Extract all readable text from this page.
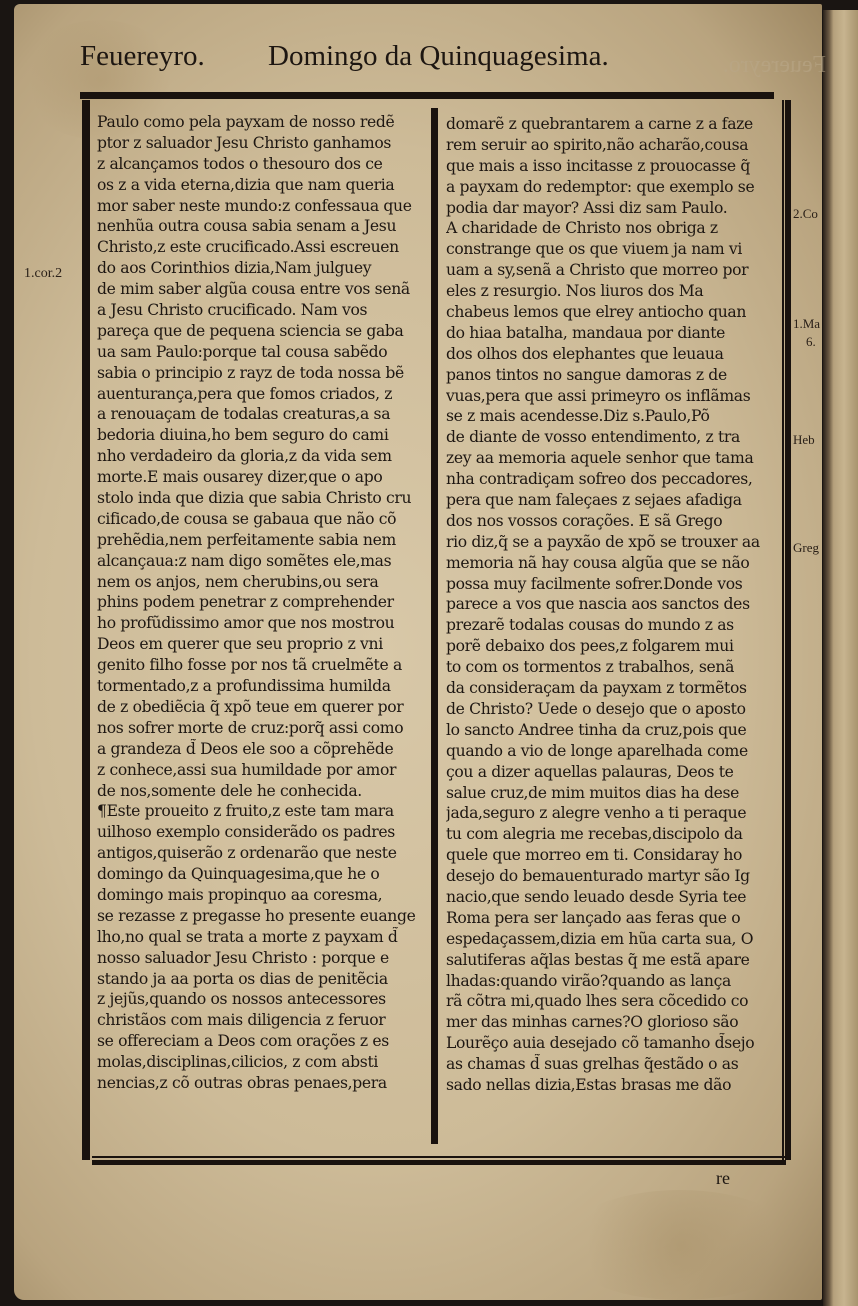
Feuereyro.
Feuereyro. Domingo da Quinquagesima.
Paulo como pela payxam de nosso redẽ
ptor z saluador Jesu Christo ganhamos
z alcançamos todos o thesouro dos ce
os z a vida eterna,dizia que nam queria
mor saber neste mundo:z confessaua que
nenhũa outra cousa sabia senam a Jesu
Christo,z este crucificado.Assi escreuen
do aos Corinthios dizia,Nam julguey
de mim saber algũa cousa entre vos senã
a Jesu Christo crucificado. Nam vos
pareça que de pequena sciencia se gaba
ua sam Paulo:porque tal cousa sabẽdo
sabia o principio z rayz de toda nossa bẽ
auenturança,pera que fomos criados, z
a renouaçam de todalas creaturas,a sa
bedoria diuina,ho bem seguro do cami
nho verdadeiro da gloria,z da vida sem
morte.E mais ousarey dizer,que o apo
stolo inda que dizia que sabia Christo cru
cificado,de cousa se gabaua que não cõ
prehẽdia,nem perfeitamente sabia nem
alcançaua:z nam digo somẽtes ele,mas
nem os anjos, nem cherubins,ou sera
phins podem penetrar z comprehender
ho profũdissimo amor que nos mostrou
Deos em querer que seu proprio z vni
genito filho fosse por nos tã cruelmẽte a
tormentado,z a profundissima humilda
de z obediẽcia q̃ xpõ teue em querer por
nos sofrer morte de cruz:porq̃ assi como
a grandeza d̃ Deos ele soo a cõprehẽde
z conhece,assi sua humildade por amor
de nos,somente dele he conhecida.
¶Este proueito z fruito,z este tam mara
uilhoso exemplo considerãdo os padres
antigos,quiserão z ordenarão que neste
domingo da Quinquagesima,que he o
domingo mais propinquo aa coresma,
se rezasse z pregasse ho presente euange
lho,no qual se trata a morte z payxam d̃
nosso saluador Jesu Christo : porque e
stando ja aa porta os dias de penitẽcia
z jejũs,quando os nossos antecessores
christãos com mais diligencia z feruor
se offereciam a Deos com orações z es
molas,disciplinas,cilicios, z com absti
nencias,z cõ outras obras penaes,pera
domarẽ z quebrantarem a carne z a faze
rem seruir ao spirito,não acharão,cousa
que mais a isso incitasse z prouocasse q̃
a payxam do redemptor: que exemplo se
podia dar mayor? Assi diz sam Paulo.
A charidade de Christo nos obriga z
constrange que os que viuem ja nam vi
uam a sy,senã a Christo que morreo por
eles z resurgio. Nos liuros dos Ma
chabeus lemos que elrey antiocho quan
do hiaa batalha, mandaua por diante
dos olhos dos elephantes que leuaua
panos tintos no sangue damoras z de
vuas,pera que assi primeyro os inflãmas
se z mais acendesse.Diz s.Paulo,Põ
de diante de vosso entendimento, z tra
zey aa memoria aquele senhor que tama
nha contradiçam sofreo dos peccadores,
pera que nam faleçaes z sejaes afadiga
dos nos vossos corações. E sã Grego
rio diz,q̃ se a payxão de xpõ se trouxer aa
memoria nã hay cousa algũa que se não
possa muy facilmente sofrer.Donde vos
parece a vos que nascia aos sanctos des
prezarẽ todalas cousas do mundo z as
porẽ debaixo dos pees,z folgarem mui
to com os tormentos z trabalhos, senã
da consideraçam da payxam z tormẽtos
de Christo? Uede o desejo que o aposto
lo sancto Andree tinha da cruz,pois que
quando a vio de longe aparelhada come
çou a dizer aquellas palauras, Deos te
salue cruz,de mim muitos dias ha dese
jada,seguro z alegre venho a ti peraque
tu com alegria me recebas,discipolo da
quele que morreo em ti. Considaray ho
desejo do bemauenturado martyr são Ig
nacio,que sendo leuado desde Syria tee
Roma pera ser lançado aas feras que o
espedaçassem,dizia em hũa carta sua, O
salutiferas aq̃las bestas q̃ me estã apare
lhadas:quando virão?quando as lança
rã cõtra mi,quado lhes sera cõcedido co
mer das minhas carnes?O glorioso são
Lourẽço auia desejado cõ tamanho d̃sejo
as chamas d̃ suas grelhas q̃estãdo o as
sado nellas dizia,Estas brasas me dão
1.cor.2
2.Co
1.Ma
6.
Heb
Greg
re
